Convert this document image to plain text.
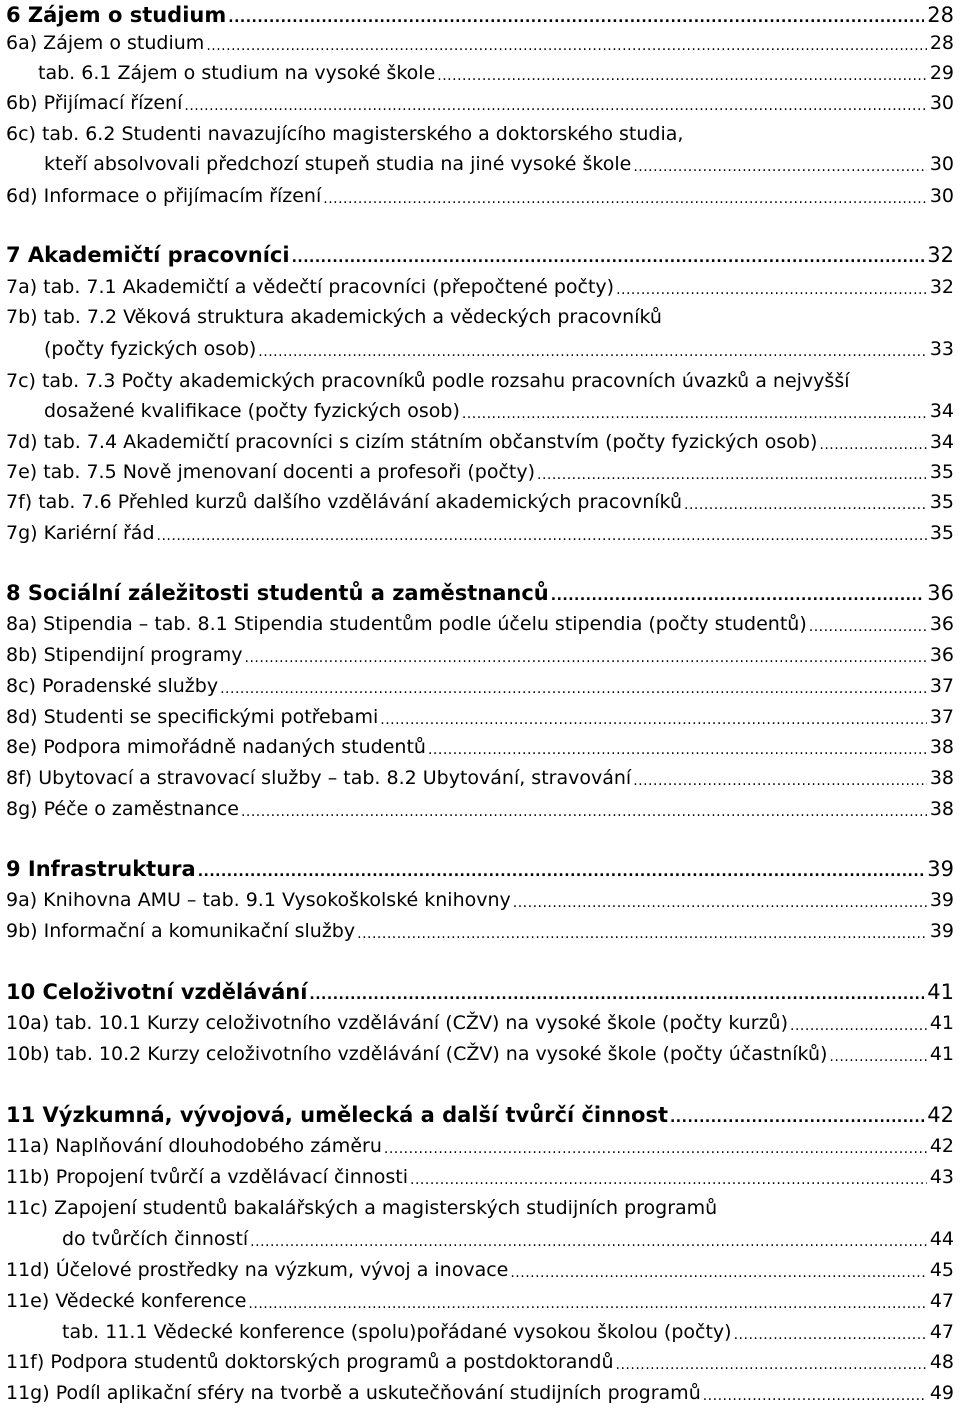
6 Zájem o studium .....	28
6a) Zájem o studium .....	28
tab. 6.1 Zájem o studium na vysoké škole .....	29
6b) Přijímací řízení .....	30
6c) tab. 6.2 Studenti navazujícího magisterského a doktorského studia,
kteří absolvovali předchozí stupeň studia na jiné vysoké škole .....	30
6d) Informace o přijímacím řízení .....	30
7 Akademičtí pracovníci .....	32
7a) tab. 7.1 Akademičtí a vědečtí pracovníci (přepočtené počty) .....	32
7b) tab. 7.2 Věková struktura akademických a vědeckých pracovníků
(počty fyzických osob) .....	33
7c) tab. 7.3 Počty akademických pracovníků podle rozsahu pracovních úvazků a nejvyšší
dosažené kvalifikace (počty fyzických osob) .....	34
7d) tab. 7.4 Akademičtí pracovníci s cizím státním občanstvím (počty fyzických osob) .....	34
7e) tab. 7.5 Nově jmenovaní docenti a profesoři (počty) .....	35
7f) tab. 7.6 Přehled kurzů dalšího vzdělávání akademických pracovníků .....	35
7g) Kariérní řád .....	35
8 Sociální záležitosti studentů a zaměstnanců .....	36
8a) Stipendia – tab. 8.1 Stipendia studentům podle účelu stipendia (počty studentů) .....	36
8b) Stipendijní programy .....	36
8c) Poradenské služby .....	37
8d) Studenti se specifickými potřebami .....	37
8e) Podpora mimořádně nadaných studentů .....	38
8f) Ubytovací a stravovací služby – tab. 8.2 Ubytování, stravování .....	38
8g) Péče o zaměstnance .....	38
9 Infrastruktura .....	39
9a) Knihovna AMU – tab. 9.1 Vysokoškolské knihovny .....	39
9b) Informační a komunikační služby .....	39
10 Celoživotní vzdělávání .....	41
10a) tab. 10.1 Kurzy celoživotního vzdělávání (CŽV) na vysoké škole (počty kurzů) .....	41
10b) tab. 10.2 Kurzy celoživotního vzdělávání (CŽV) na vysoké škole (počty účastníků) .....	41
11 Výzkumná, vývojová, umělecká a další tvůrčí činnost .....	42
11a) Naplňování dlouhodobého záměru .....	42
11b) Propojení tvůrčí a vzdělávací činnosti .....	43
11c) Zapojení studentů bakalářských a magisterských studijních programů
do tvůrčích činností .....	44
11d) Účelové prostředky na výzkum, vývoj a inovace .....	45
11e) Vědecké konference .....	47
tab. 11.1 Vědecké konference (spolu)pořádané vysokou školou (počty) .....	47
11f) Podpora studentů doktorských programů a postdoktorandů .....	48
11g) Podíl aplikační sféry na tvorbě a uskutečňování studijních programů .....	49
